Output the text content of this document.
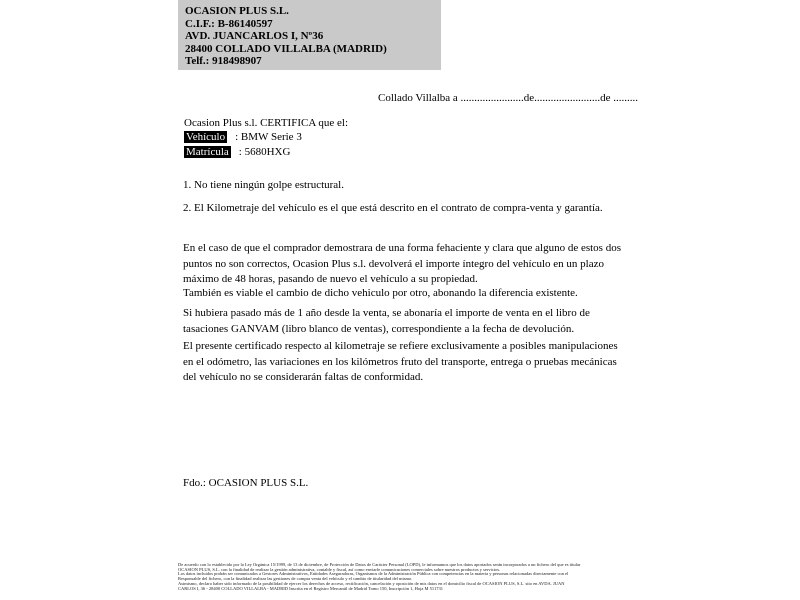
OCASION PLUS S.L.
C.I.F.: B-86140597
AVD. JUANCARLOS I, Nº36
28400 COLLADO VILLALBA (MADRID)
Telf.: 918498907
Collado Villalba a .......................de........................de .........
Ocasion Plus s.l. CERTIFICA que el:
Vehículo : BMW Serie 3
Matrícula : 5680HXG
1. No tiene ningún golpe estructural.
2. El Kilometraje del vehículo es el que está descrito en el contrato de compra-venta y garantía.
En el caso de que el comprador demostrara de una forma fehaciente y clara que alguno de estos dos puntos no son correctos, Ocasion Plus s.l. devolverá el importe íntegro del vehículo en un plazo máximo de 48 horas, pasando de nuevo el vehículo a su propiedad.
También es viable el cambio de dicho vehiculo por otro, abonando la diferencia existente.
Si hubiera pasado más de 1 año desde la venta, se abonaría el importe de venta en el libro de tasaciones GANVAM (libro blanco de ventas), correspondiente a la fecha de devolución.
El presente certificado respecto al kilometraje se refiere exclusivamente a posibles manipulaciones en el odómetro, las variaciones en los kilómetros fruto del transporte, entrega o pruebas mecánicas del vehículo no se considerarán faltas de conformidad.
Fdo.: OCASION PLUS S.L.
De acuerdo con lo establecido por la Ley Orgánica 15/1999, de 13 de diciembre, de Protección de Datos de Carácter Personal (LOPD), le informamos que los datos aportados serán incorporados a un fichero del que es titular
OCASION PLUS, S.L. con la finalidad de realizar la gestión administrativa, contable y fiscal, así como enviarle comunicaciones comerciales sobre nuestros productos y servicios.
Los datos incluidos podrán ser comunicados a Gestores Administrativos, Entidades Aseguradoras, Organismos de la Administración Pública con competencias en la materia y personas relacionadas directamente con el
Responsable del fichero, con la finalidad realizar las gestiones de compra venta del vehículo y el cambio de titularidad del mismo.
Asimismo, declaro haber sido informado de la posibilidad de ejercer los derechos de acceso, rectificación, cancelación y oposición de mis datos en el domicilio fiscal de OCASIÓN PLUS, S.L. sito en AVDA. JUAN
CARLOS I, 36 - 28400 COLLADO VILLALBA - MADRID Inscrita en el Registro Mercantil de Madrid Tomo 150, Inscripción 1, Hoja M 511731
